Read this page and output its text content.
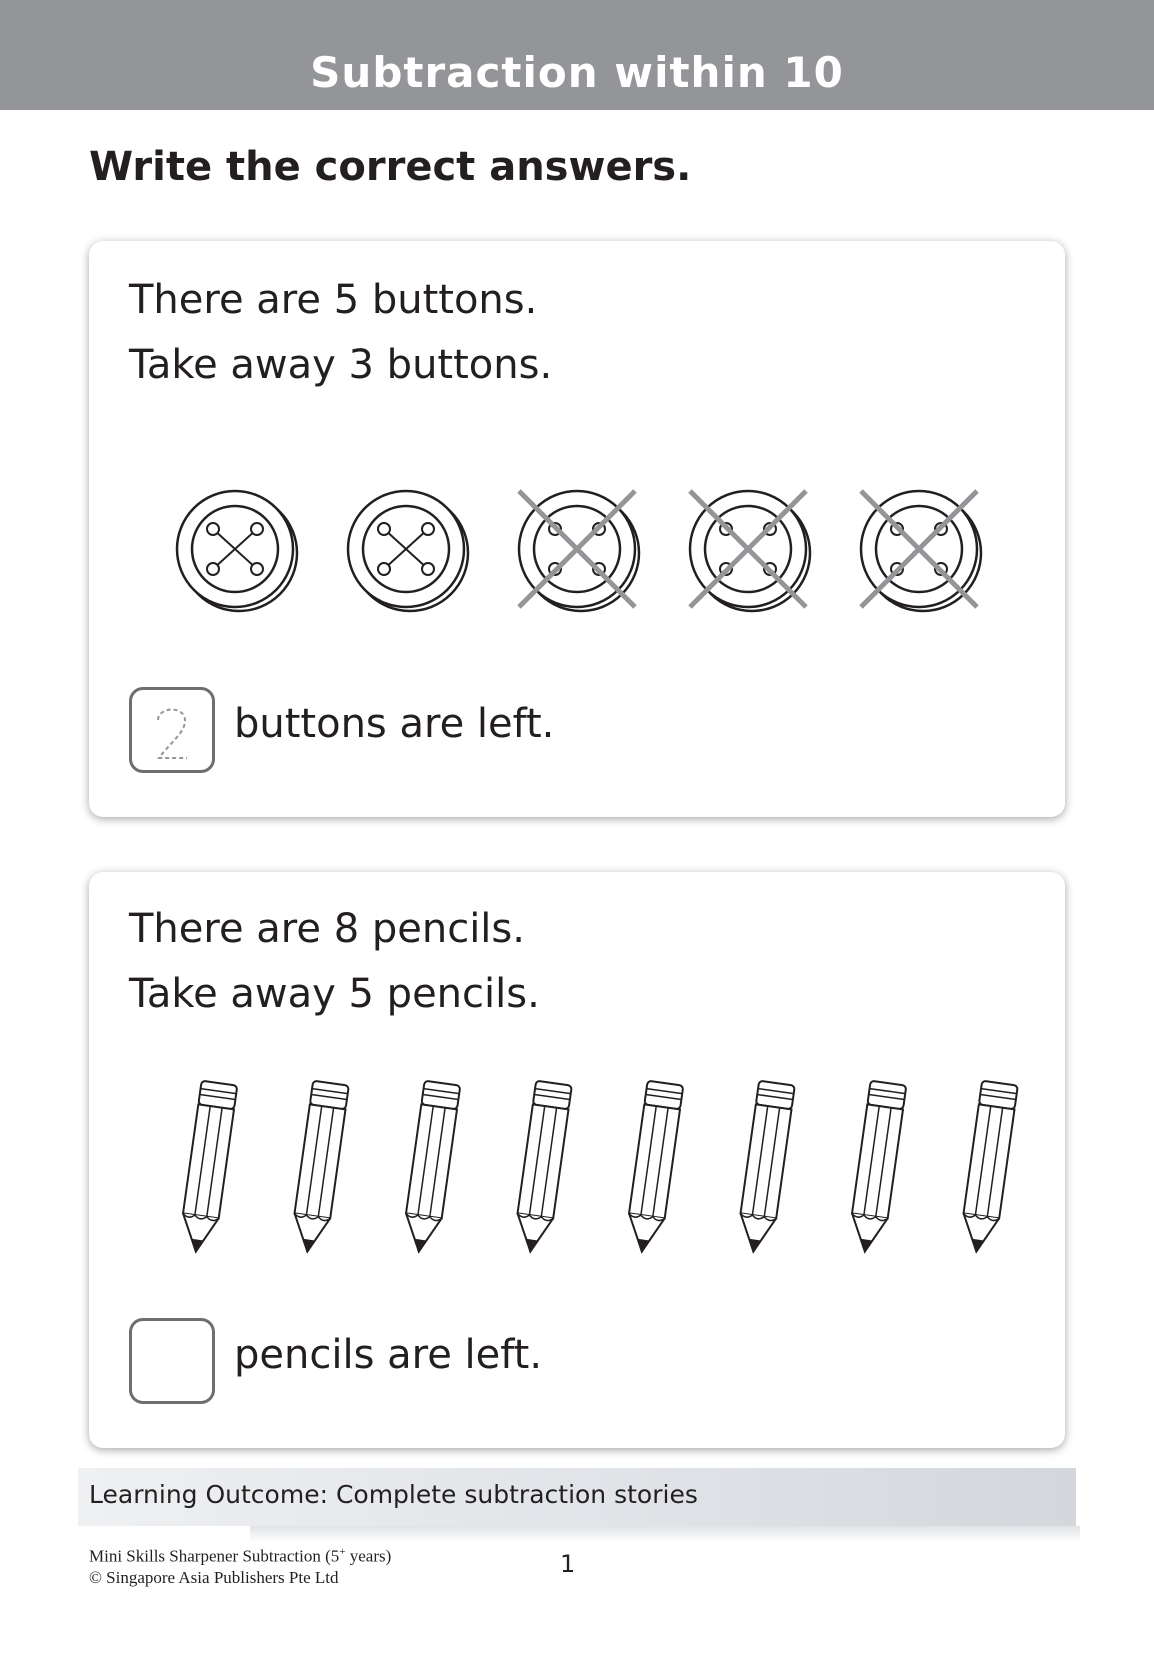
Subtraction within 10
Write the correct answers.
There are 5 buttons.
Take away 3 buttons.
2 buttons are left.
There are 8 pencils.
Take away 5 pencils.
pencils are left.
Learning Outcome: Complete subtraction stories
Mini Skills Sharpener Subtraction (5+ years)
© Singapore Asia Publishers Pte Ltd	1
